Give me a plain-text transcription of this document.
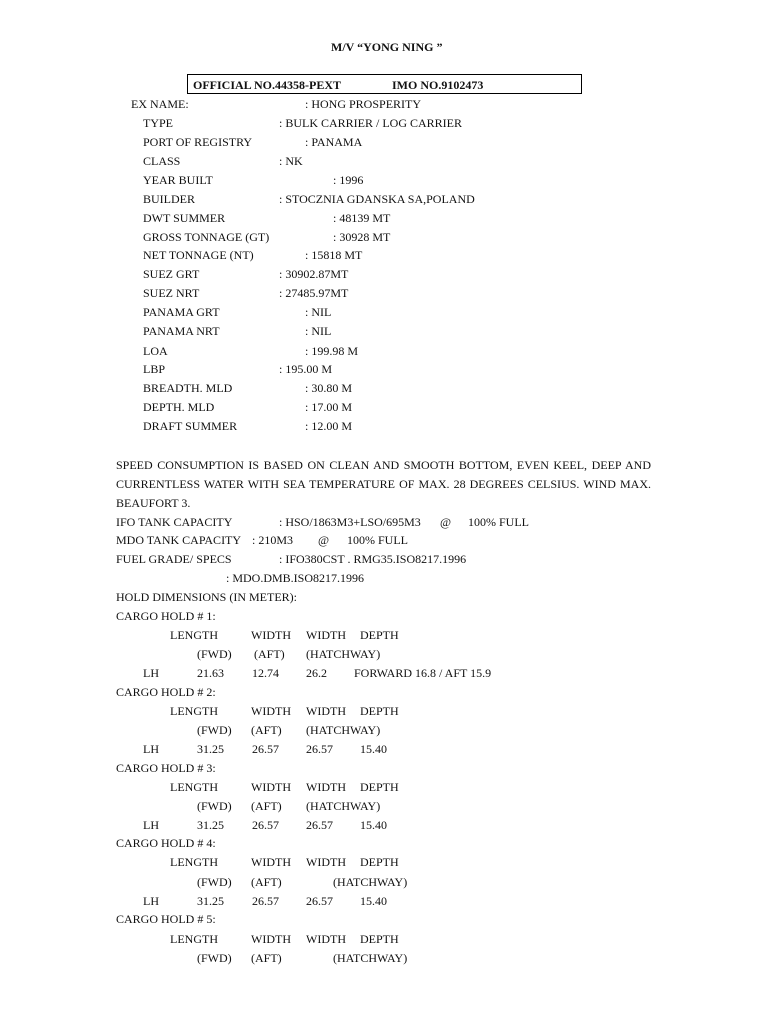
M/V “YONG NING ”
OFFICIAL NO.44358-PEXT	IMO NO.9102473
EX NAME:	: HONG PROSPERITY
TYPE	: BULK CARRIER / LOG CARRIER
PORT OF REGISTRY	: PANAMA
CLASS	: NK
YEAR BUILT	: 1996
BUILDER	: STOCZNIA GDANSKA SA,POLAND
DWT SUMMER	: 48139 MT
GROSS TONNAGE (GT)	: 30928 MT
NET TONNAGE (NT)	: 15818 MT
SUEZ GRT	: 30902.87MT
SUEZ NRT	: 27485.97MT
PANAMA GRT	: NIL
PANAMA NRT	: NIL
LOA	: 199.98 M
LBP	: 195.00 M
BREADTH. MLD	: 30.80 M
DEPTH. MLD	: 17.00 M
DRAFT SUMMER	: 12.00 M
SPEED CONSUMPTION IS BASED ON CLEAN AND SMOOTH BOTTOM, EVEN KEEL, DEEP AND CURRENTLESS WATER WITH SEA TEMPERATURE OF MAX. 28 DEGREES CELSIUS. WIND MAX. BEAUFORT 3.
IFO TANK CAPACITY	: HSO/1863M3+LSO/695M3 @ 100% FULL
MDO TANK CAPACITY : 210M3 @ 100% FULL
FUEL GRADE/ SPECS	: IFO380CST . RMG35.ISO8217.1996
: MDO.DMB.ISO8217.1996
HOLD DIMENSIONS (IN METER):
CARGO HOLD # 1:
LENGTH	WIDTH WIDTH DEPTH
(FWD) (AFT) (HATCHWAY)
LH	21.63 12.74 26.2 FORWARD 16.8 / AFT 15.9
CARGO HOLD # 2:
LENGTH	WIDTH WIDTH DEPTH
(FWD) (AFT) (HATCHWAY)
LH	31.25 26.57 26.57 15.40
CARGO HOLD # 3:
LENGTH	WIDTH WIDTH DEPTH
(FWD) (AFT) (HATCHWAY)
LH	31.25 26.57 26.57 15.40
CARGO HOLD # 4:
LENGTH	WIDTH WIDTH DEPTH
(FWD) (AFT)	(HATCHWAY)
LH	31.25 26.57 26.57 15.40
CARGO HOLD # 5:
LENGTH	WIDTH WIDTH DEPTH
(FWD) (AFT)	(HATCHWAY)
